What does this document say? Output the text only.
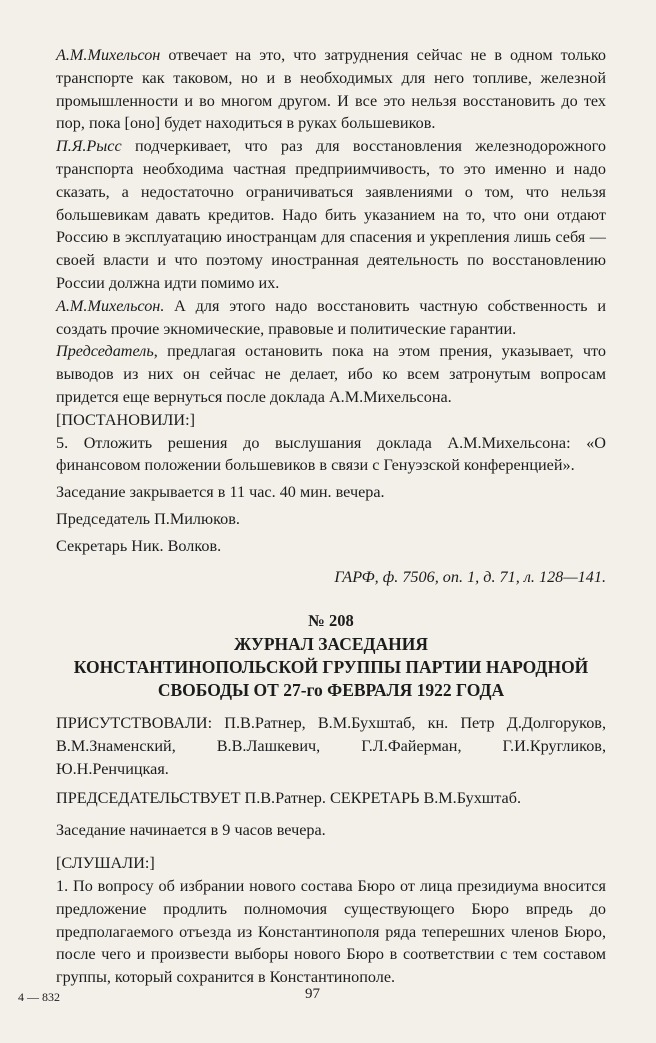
А.М.Михельсон отвечает на это, что затруднения сейчас не в одном только транспорте как таковом, но и в необходимых для него топливе, железной промышленности и во многом другом. И все это нельзя восстановить до тех пор, пока [оно] будет находиться в руках большевиков.

П.Я.Рысс подчеркивает, что раз для восстановления железнодорожного транспорта необходима частная предприимчивость, то это именно и надо сказать, а недостаточно ограничиваться заявлениями о том, что нельзя большевикам давать кредитов. Надо бить указанием на то, что они отдают Россию в эксплуатацию иностранцам для спасения и укрепления лишь себя — своей власти и что поэтому иностранная деятельность по восстановлению России должна идти помимо их.

А.М.Михельсон. А для этого надо восстановить частную собственность и создать прочие экномические, правовые и политические гарантии.

Председатель, предлагая остановить пока на этом прения, указывает, что выводов из них он сейчас не делает, ибо ко всем затронутым вопросам придется еще вернуться после доклада А.М.Михельсона.

[ПОСТАНОВИЛИ:]

5. Отложить решения до выслушания доклада А.М.Михельсона: «О финансовом положении большевиков в связи с Генуэзской конференцией».

Заседание закрывается в 11 час. 40 мин. вечера.

Председатель П.Милюков.

Секретарь Ник. Волков.

ГАРФ, ф. 7506, оп. 1, д. 71, л. 128—141.

№ 208

ЖУРНАЛ ЗАСЕДАНИЯ

КОНСТАНТИНОПОЛЬСКОЙ ГРУППЫ ПАРТИИ НАРОДНОЙ

СВОБОДЫ ОТ 27-го ФЕВРАЛЯ 1922 ГОДА

ПРИСУТСТВОВАЛИ: П.В.Ратнер, В.М.Бухштаб, кн. Петр Д.Долгоруков, В.М.Знаменский, В.В.Лашкевич, Г.Л.Файерман, Г.И.Кругликов, Ю.Н.Ренчицкая.

ПРЕДСЕДАТЕЛЬСТВУЕТ П.В.Ратнер. СЕКРЕТАРЬ В.М.Бухштаб.

Заседание начинается в 9 часов вечера.

[СЛУШАЛИ:]

1. По вопросу об избрании нового состава Бюро от лица президиума вносится предложение продлить полномочия существующего Бюро впредь до предполагаемого отъезда из Константинополя ряда теперешних членов Бюро, после чего и произвести выборы нового Бюро в соответствии с тем составом группы, который сохранится в Константинополе.

4 — 832	97
